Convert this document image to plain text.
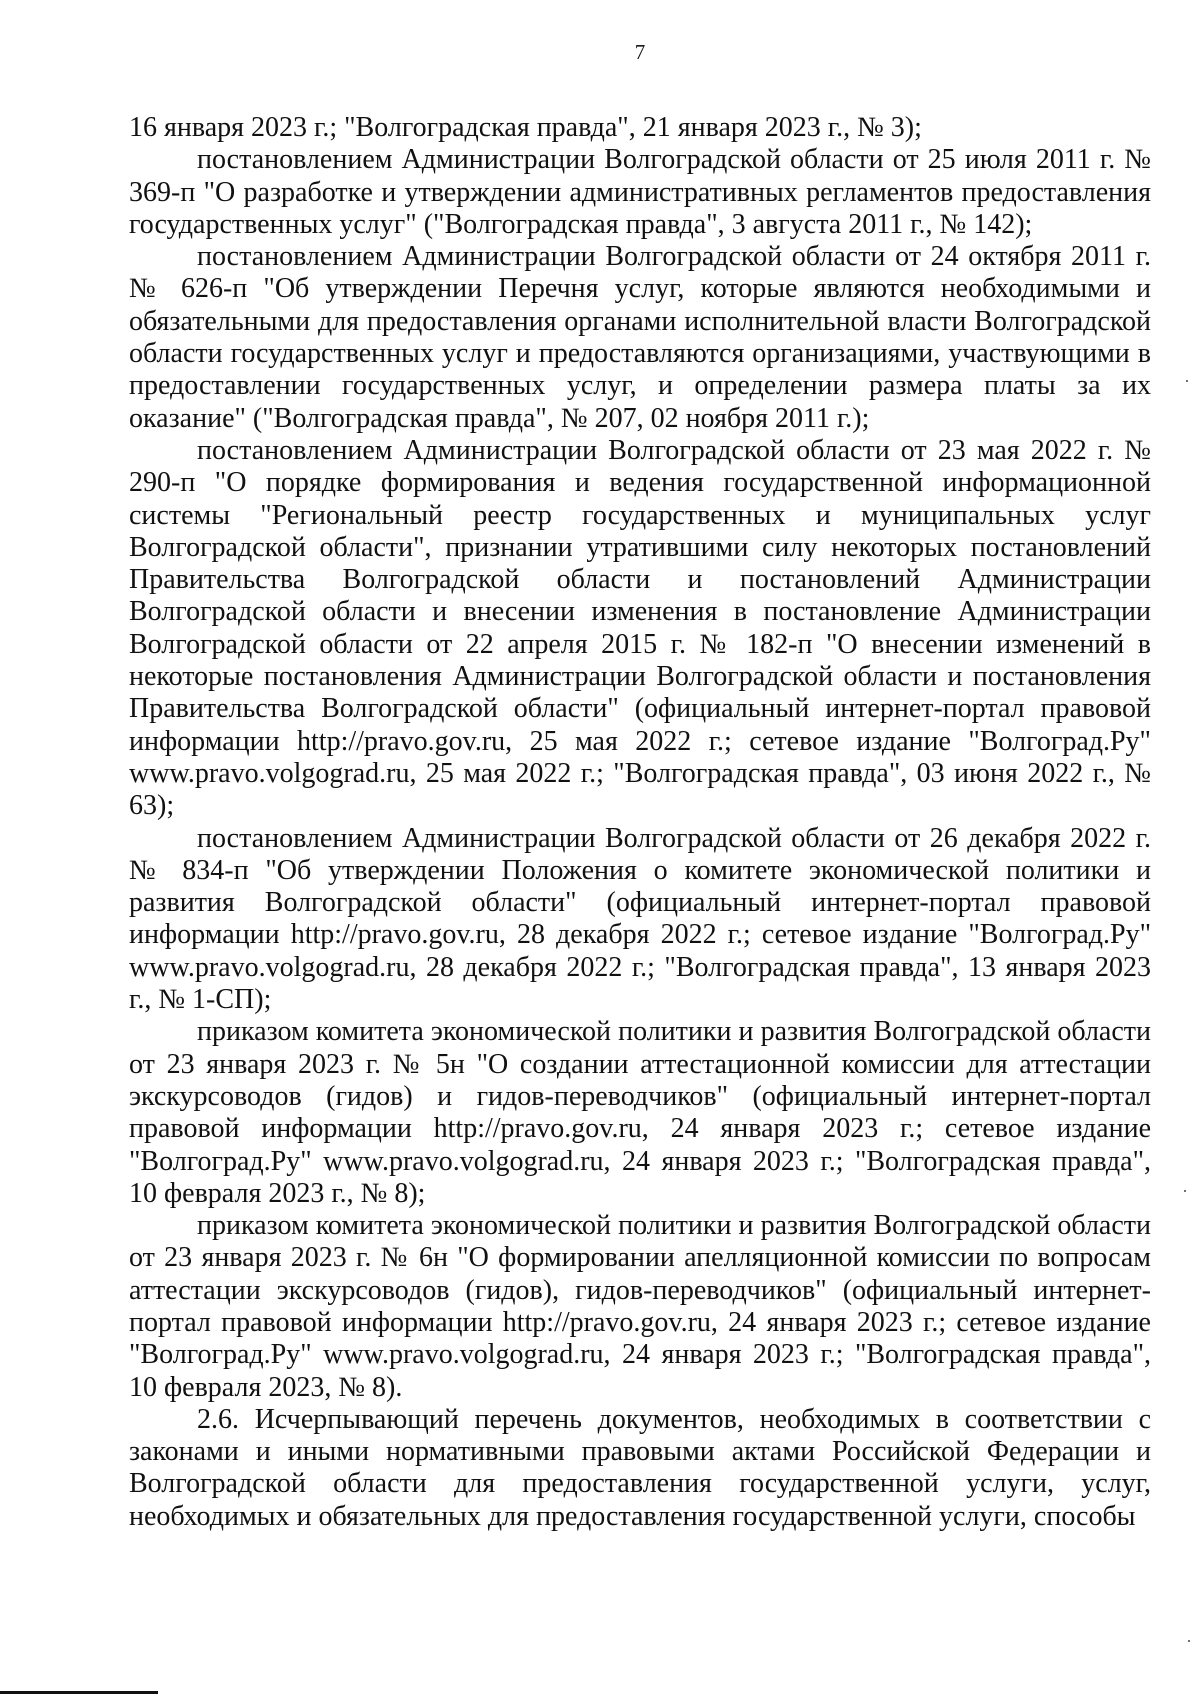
7

16 января 2023 г.; "Волгоградская правда", 21 января 2023 г., № 3);

постановлением Администрации Волгоградской области от 25 июля 2011 г. № 369-п "О разработке и утверждении административных регламентов предоставления государственных услуг" ("Волгоградская правда", 3 августа 2011 г., № 142);

постановлением Администрации Волгоградской области от 24 октября 2011 г. № 626-п "Об утверждении Перечня услуг, которые являются необходимыми и обязательными для предоставления органами исполнительной власти Волгоградской области государственных услуг и предоставляются организациями, участвующими в предоставлении государственных услуг, и определении размера платы за их оказание" ("Волгоградская правда", № 207, 02 ноября 2011 г.);

постановлением Администрации Волгоградской области от 23 мая 2022 г. № 290-п "О порядке формирования и ведения государственной информационной системы "Региональный реестр государственных и муниципальных услуг Волгоградской области", признании утратившими силу некоторых постановлений Правительства Волгоградской области и постановлений Администрации Волгоградской области и внесении изменения в постановление Администрации Волгоградской области от 22 апреля 2015 г. № 182-п "О внесении изменений в некоторые постановления Администрации Волгоградской области и постановления Правительства Волгоградской области" (официальный интернет-портал правовой информации http://pravo.gov.ru, 25 мая 2022 г.; сетевое издание "Волгоград.Ру" www.pravo.volgograd.ru, 25 мая 2022 г.; "Волгоградская правда", 03 июня 2022 г., № 63);

постановлением Администрации Волгоградской области от 26 декабря 2022 г. № 834-п "Об утверждении Положения о комитете экономической политики и развития Волгоградской области" (официальный интернет-портал правовой информации http://pravo.gov.ru, 28 декабря 2022 г.; сетевое издание "Волгоград.Ру" www.pravo.volgograd.ru, 28 декабря 2022 г.; "Волгоградская правда", 13 января 2023 г., № 1-СП);

приказом комитета экономической политики и развития Волгоградской области от 23 января 2023 г. № 5н "О создании аттестационной комиссии для аттестации экскурсоводов (гидов) и гидов-переводчиков" (официальный интернет-портал правовой информации http://pravo.gov.ru, 24 января 2023 г.; сетевое издание "Волгоград.Ру" www.pravo.volgograd.ru, 24 января 2023 г.; "Волгоградская правда", 10 февраля 2023 г., № 8);

приказом комитета экономической политики и развития Волгоградской области от 23 января 2023 г. № 6н "О формировании апелляционной комиссии по вопросам аттестации экскурсоводов (гидов), гидов-переводчиков" (официальный интернет-портал правовой информации http://pravo.gov.ru, 24 января 2023 г.; сетевое издание "Волгоград.Ру" www.pravo.volgograd.ru, 24 января 2023 г.; "Волгоградская правда", 10 февраля 2023, № 8).

2.6. Исчерпывающий перечень документов, необходимых в соответствии с законами и иными нормативными правовыми актами Российской Федерации и Волгоградской области для предоставления государственной услуги, услуг, необходимых и обязательных для предоставления государственной услуги, способы
